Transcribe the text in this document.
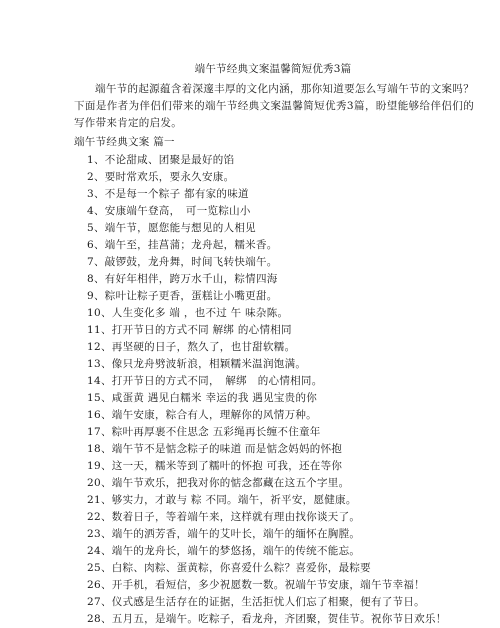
端午节经典文案温馨简短优秀3篇

端午节的起源蕴含着深邃丰厚的文化内涵，那你知道要怎么写端午节的文案吗？下面是作者为伴侣们带来的端午节经典文案温馨简短优秀3篇，盼望能够给伴侣们的写作带来肯定的启发。

端午节经典文案 篇一
1、不论甜咸、团聚是最好的馅
2、要时常欢乐，要永久安康。
3、不是每一个粽子 都有家的味道
4、安康端午登高，　可一览粽山小
5、端午节，愿您能与想见的人相见
6、端午至，挂菖蒲；龙舟起，糯米香。
7、敲锣鼓，龙舟舞，时间飞转快端午。
8、有好年相伴，跨万水千山，粽情四海
9、粽叶让粽子更香，蛋糕让小嘴更甜。
10、人生变化多 端 ，也不过 午 味杂陈。
11、打开节日的方式不同 解绑 的心情相同
12、再坚硬的日子，熬久了，也甘甜软糯。
13、像只龙舟劈波斩浪，相颖糯米温润饱满。
14、打开节日的方式不同，　解绑　的心情相同。
15、咸蛋黄 遇见白糯米 幸运的我 遇见宝贵的你
16、端午安康，粽合有人，理解你的风情万种。
17、粽叶再厚裹不住思念 五彩绳再长缠不住童年
18、端午节不是惦念粽子的味道 而是惦念妈妈的怀抱
19、这一天，糯米等到了糯叶的怀抱 可我，还在等你
20、端午节欢乐，把我对你的惦念都藏在这五个字里。
21、够实力，才敢与 粽 不同。端午，祈平安，愿健康。
22、数着日子，等着端午来，这样就有理由找你谈天了。
23、端午的洒芳香，端午的艾叶长，端午的缅怀在胸膛。
24、端午的龙舟长，端午的梦悠扬，端午的传统不能忘。
25、白粽、肉粽、蛋黄粽，你喜爱什么粽？喜爱你，最粽要
26、开手机，看短信，多少祝愿数一数。祝端午节安康，端午节幸福！
27、仪式感是生活存在的证据，生活拒忧人们忘了相聚，便有了节日。
28、五月五，是端午。吃粽子，看龙舟，齐团聚，贺佳节。祝你节日欢乐！
